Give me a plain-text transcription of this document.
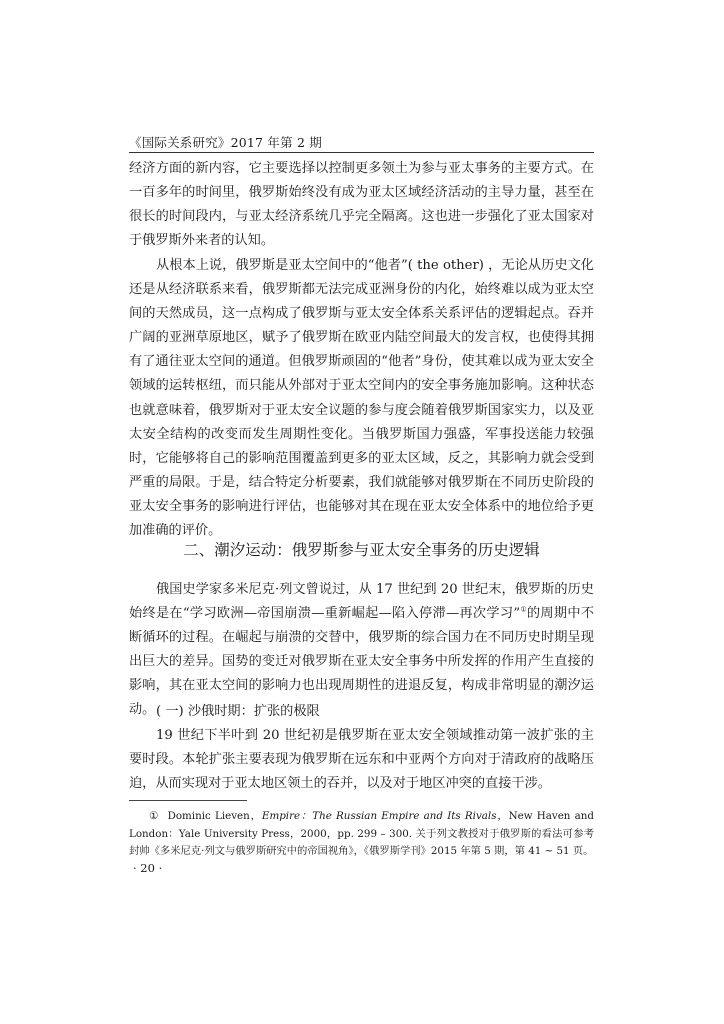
《国际关系研究》2017 年第 2 期

经济方面的新内容，它主要选择以控制更多领土为参与亚太事务的主要方式。在一百多年的时间里，俄罗斯始终没有成为亚太区域经济活动的主导力量，甚至在很长的时间段内，与亚太经济系统几乎完全隔离。这也进一步强化了亚太国家对于俄罗斯外来者的认知。

从根本上说，俄罗斯是亚太空间中的“他者”( the other) ，无论从历史文化还是从经济联系来看，俄罗斯都无法完成亚洲身份的内化，始终难以成为亚太空间的天然成员，这一点构成了俄罗斯与亚太安全体系关系评估的逻辑起点。吞并广阔的亚洲草原地区，赋予了俄罗斯在欧亚内陆空间最大的发言权，也使得其拥有了通往亚太空间的通道。但俄罗斯顽固的“他者”身份，使其难以成为亚太安全领域的运转枢纽，而只能从外部对于亚太空间内的安全事务施加影响。这种状态也就意味着，俄罗斯对于亚太安全议题的参与度会随着俄罗斯国家实力，以及亚太安全结构的改变而发生周期性变化。当俄罗斯国力强盛，军事投送能力较强时，它能够将自己的影响范围覆盖到更多的亚太区域，反之，其影响力就会受到严重的局限。于是，结合特定分析要素，我们就能够对俄罗斯在不同历史阶段的亚太安全事务的影响进行评估，也能够对其在现在亚太安全体系中的地位给予更加准确的评价。

二、潮汐运动：俄罗斯参与亚太安全事务的历史逻辑

俄国史学家多米尼克·列文曾说过，从 17 世纪到 20 世纪末，俄罗斯的历史始终是在“学习欧洲—帝国崩溃—重新崛起—陷入停滞—再次学习”①的周期中不断循环的过程。在崛起与崩溃的交替中，俄罗斯的综合国力在不同历史时期呈现出巨大的差异。国势的变迁对俄罗斯在亚太安全事务中所发挥的作用产生直接的影响，其在亚太空间的影响力也出现周期性的进退反复，构成非常明显的潮汐运动。 ( 一) 沙俄时期：扩张的极限

19 世纪下半叶到 20 世纪初是俄罗斯在亚太安全领域推动第一波扩张的主要时段。本轮扩张主要表现为俄罗斯在远东和中亚两个方向对于清政府的战略压迫，从而实现对于亚太地区领土的吞并，以及对于地区冲突的直接干涉。

① Dominic Lieven，Empire：The Russian Empire and Its Rivals，New Haven and London：Yale University Press，2000，pp. 299 – 300. 关于列文教授对于俄罗斯的看法可参考封帅《多米尼克·列文与俄罗斯研究中的帝国视角》，《俄罗斯学刊》2015 年第 5 期，第 41 ~ 51 页。

· 20 ·
